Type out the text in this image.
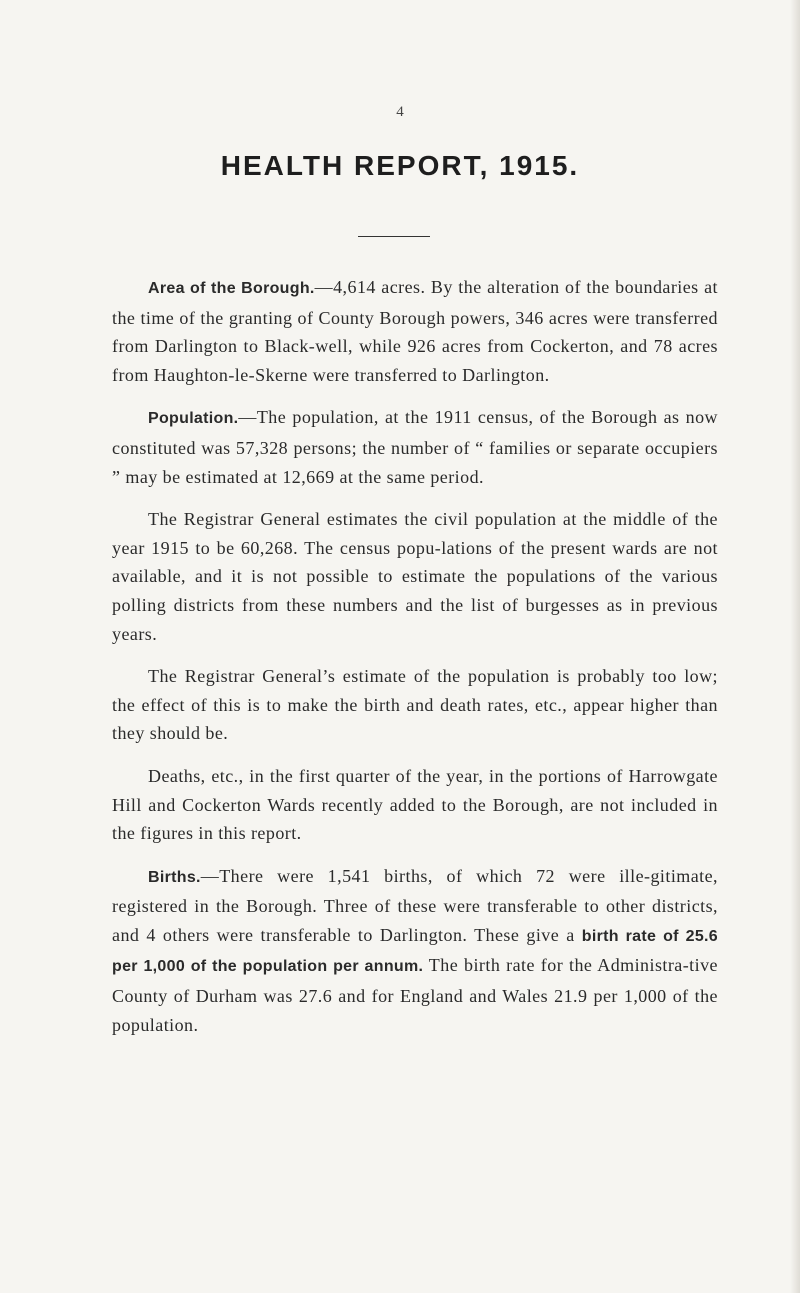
4
HEALTH REPORT, 1915.

Area of the Borough.—4,614 acres. By the alteration of the boundaries at the time of the granting of County Borough powers, 346 acres were transferred from Darlington to Black-well, while 926 acres from Cockerton, and 78 acres from Haughton-le-Skerne were transferred to Darlington.

Population.—The population, at the 1911 census, of the Borough as now constituted was 57,328 persons; the number of “ families or separate occupiers ” may be estimated at 12,669 at the same period.

The Registrar General estimates the civil population at the middle of the year 1915 to be 60,268. The census popu-lations of the present wards are not available, and it is not possible to estimate the populations of the various polling districts from these numbers and the list of burgesses as in previous years.

The Registrar General’s estimate of the population is probably too low; the effect of this is to make the birth and death rates, etc., appear higher than they should be.

Deaths, etc., in the first quarter of the year, in the portions of Harrowgate Hill and Cockerton Wards recently added to the Borough, are not included in the figures in this report.

Births.—There were 1,541 births, of which 72 were ille-gitimate, registered in the Borough. Three of these were transferable to other districts, and 4 others were transferable to Darlington. These give a birth rate of 25.6 per 1,000 of the population per annum. The birth rate for the Administra-tive County of Durham was 27.6 and for England and Wales 21.9 per 1,000 of the population.
